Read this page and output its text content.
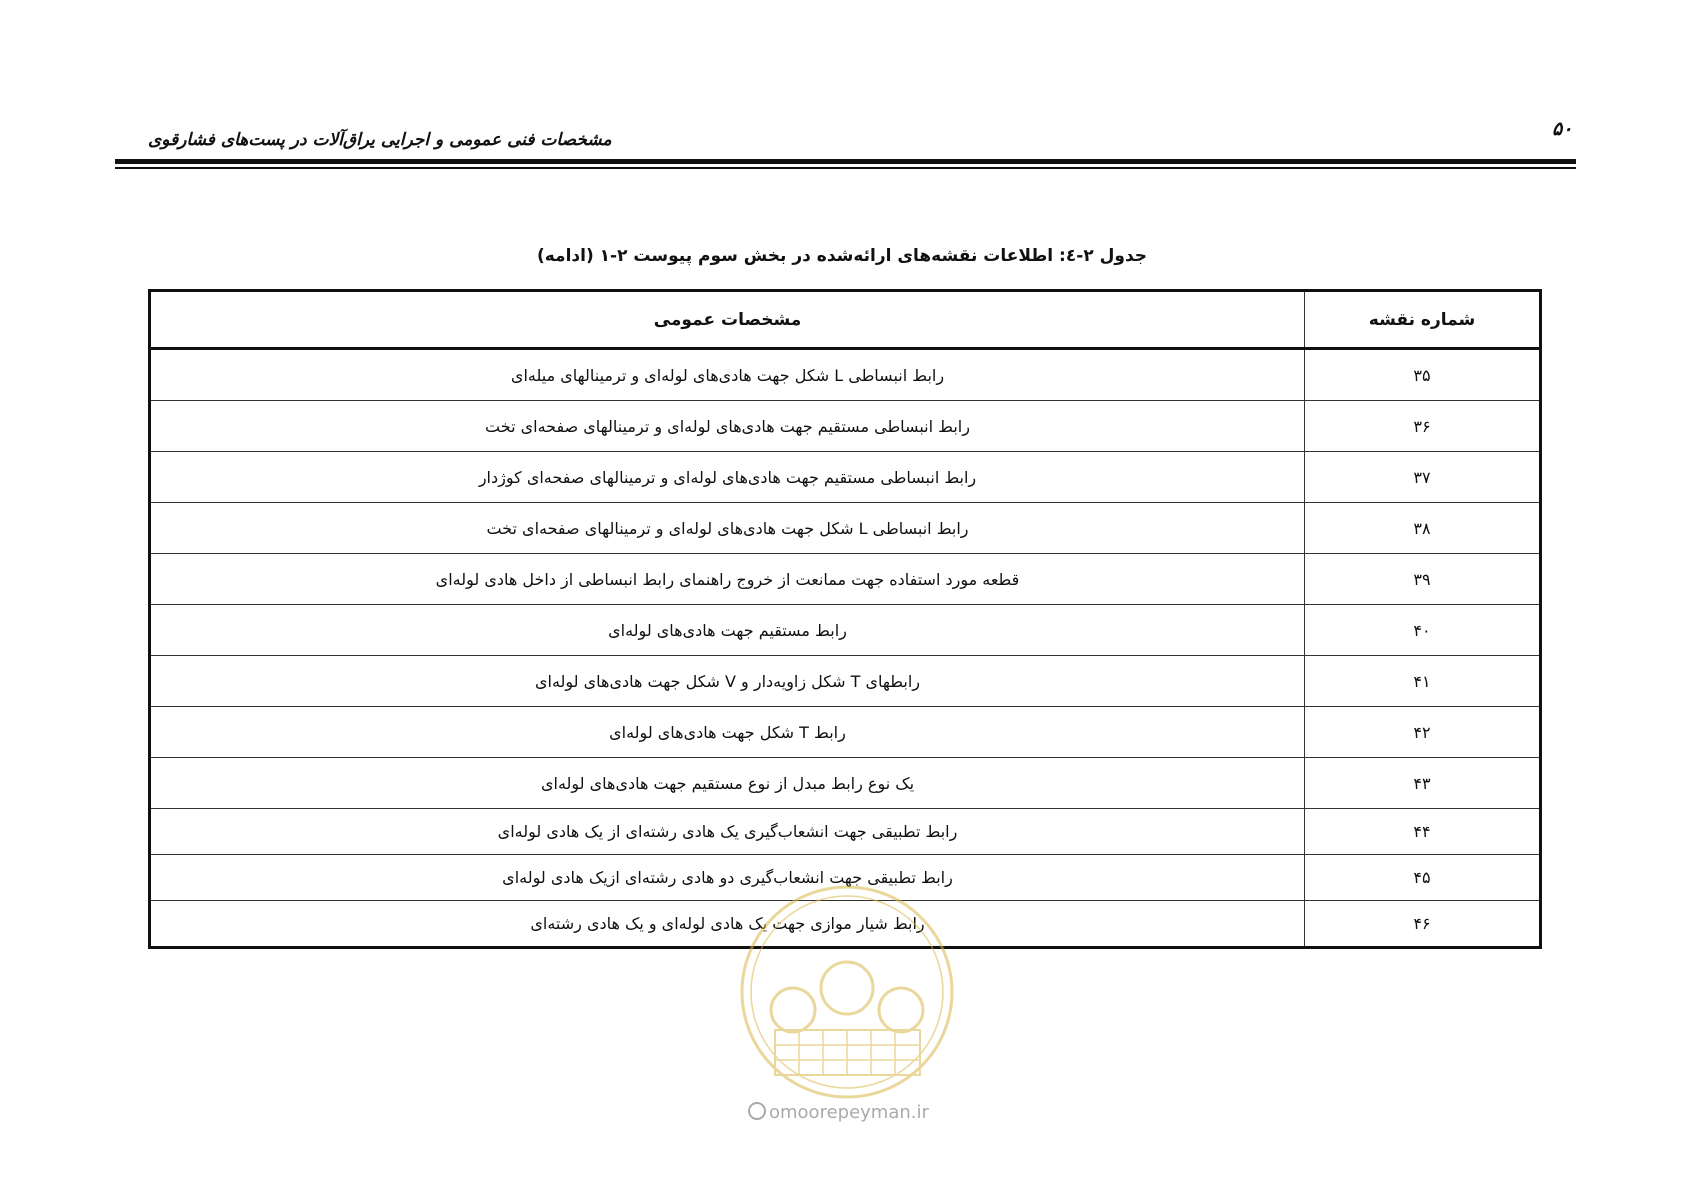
۵۰
مشخصات فنی عمومی و اجرایی یراق‌آلات در پست‌های فشارقوی
جدول ۲-٤: اطلاعات نقشه‌های ارائه‌شده در بخش سوم پیوست ۲-۱ (ادامه)
شماره نقشه	مشخصات عمومی
۳۵	رابط انبساطی L شکل جهت هادی‌های لوله‌ای و ترمینالهای میله‌ای
۳۶	رابط انبساطی مستقیم جهت هادی‌های لوله‌ای و ترمینالهای صفحه‌ای تخت
۳۷	رابط انبساطی مستقیم جهت هادی‌های لوله‌ای و ترمینالهای صفحه‌ای کوژدار
۳۸	رابط انبساطی L شکل جهت هادی‌های لوله‌ای و ترمینالهای صفحه‌ای تخت
۳۹	قطعه مورد استفاده جهت ممانعت از خروج راهنمای رابط انبساطی از داخل هادی لوله‌ای
۴۰	رابط مستقیم جهت هادی‌های لوله‌ای
۴۱	رابطهای T شکل زاویه‌دار و V شکل جهت هادی‌های لوله‌ای
۴۲	رابط T شکل جهت هادی‌های لوله‌ای
۴۳	یک نوع رابط مبدل از نوع مستقیم جهت هادی‌های لوله‌ای
۴۴	رابط تطبیقی جهت انشعاب‌گیری یک هادی رشته‌ای از یک هادی لوله‌ای
۴۵	رابط تطبیقی جهت انشعاب‌گیری دو هادی رشته‌ای ازیک هادی لوله‌ای
۴۶	رابط شیار موازی جهت یک هادی لوله‌ای و یک هادی رشته‌ای
omoorepeyman.ir
